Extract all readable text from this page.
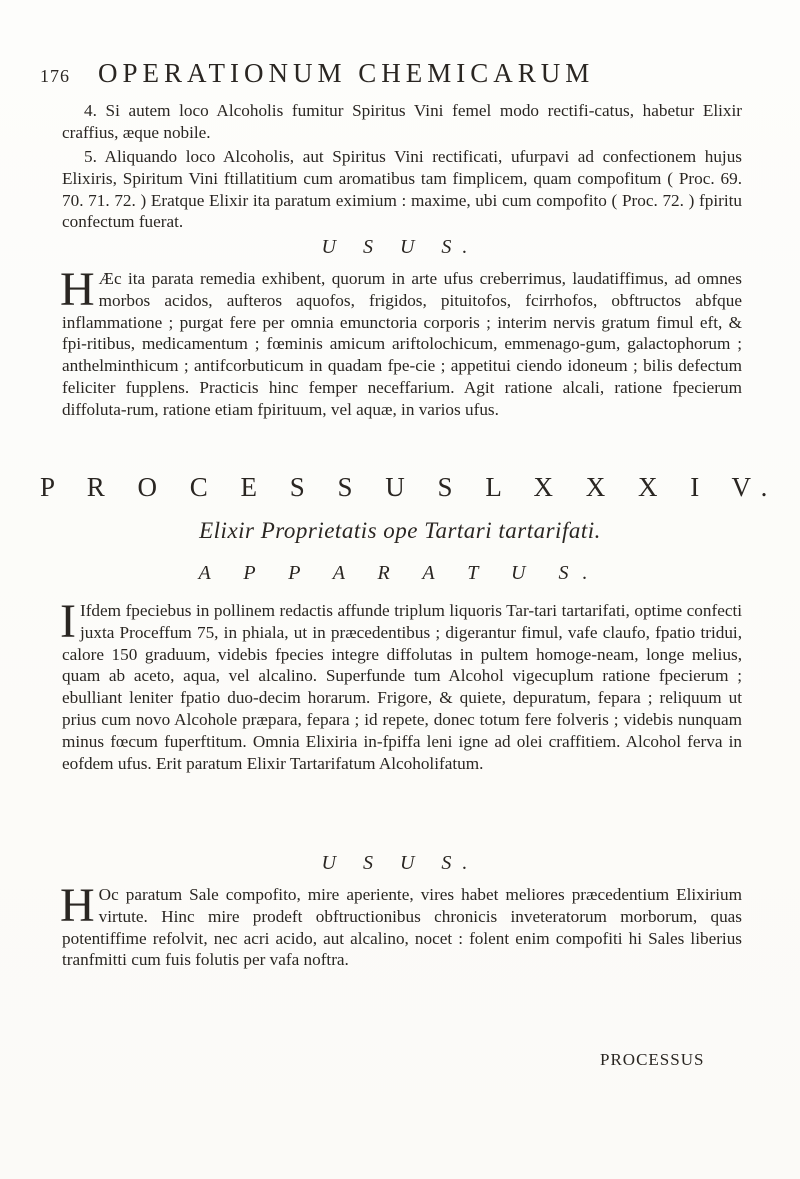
176 OPERATIONUM CHEMICARUM

4. Si autem loco Alcoholis fumitur Spiritus Vini femel modo rectifi-catus, habetur Elixir craffius, æque nobile.

5. Aliquando loco Alcoholis, aut Spiritus Vini rectificati, ufurpavi ad confectionem hujus Elixiris, Spiritum Vini ftillatitium cum aromatibus tam fimplicem, quam compofitum ( Proc. 69. 70. 71. 72. ) Eratque Elixir ita paratum eximium : maxime, ubi cum compofito ( Proc. 72. ) fpiritu confectum fuerat.

U S U S.

H Æc ita parata remedia exhibent, quorum in arte ufus creberrimus, laudatiffimus, ad omnes morbos acidos, aufteros aquofos, frigidos, pituitofos, fcirrhofos, obftructos abfque inflammatione ; purgat fere per omnia emunctoria corporis ; interim nervis gratum fimul eft, & fpi-ritibus, medicamentum ; fœminis amicum ariftolochicum, emmenago-gum, galactophorum ; anthelminthicum ; antifcorbuticum in quadam fpe-cie ; appetitui ciendo idoneum ; bilis defectum feliciter fupplens. Practicis hinc femper neceffarium. Agit ratione alcali, ratione fpecierum diffoluta-rum, ratione etiam fpirituum, vel aquæ, in varios ufus.

P R O C E S S U S L X X X I V.
Elixir Proprietatis ope Tartari tartarifati.
A P P A R A T U S.

I Ifdem fpeciebus in pollinem redactis affunde triplum liquoris Tar-tari tartarifati, optime confecti juxta Proceffum 75, in phiala, ut in præcedentibus ; digerantur fimul, vafe claufo, fpatio tridui, calore 150 graduum, videbis fpecies integre diffolutas in pultem homoge-neam, longe melius, quam ab aceto, aqua, vel alcalino. Superfunde tum Alcohol vigecuplum ratione fpecierum ; ebulliant leniter fpatio duo-decim horarum. Frigore, & quiete, depuratum, fepara ; reliquum ut prius cum novo Alcohole præpara, fepara ; id repete, donec totum fere folveris ; videbis nunquam minus fœcum fuperftitum. Omnia Elixiria in-fpiffa leni igne ad olei craffitiem. Alcohol ferva in eofdem ufus. Erit paratum Elixir Tartarifatum Alcoholifatum.

U S U S.

H Oc paratum Sale compofito, mire aperiente, vires habet meliores præcedentium Elixirium virtute. Hinc mire prodeft obftructionibus chronicis inveteratorum morborum, quas potentiffime refolvit, nec acri acido, aut alcalino, nocet : folent enim compofiti hi Sales liberius tranfmitti cum fuis folutis per vafa noftra.

PROCESSUS
